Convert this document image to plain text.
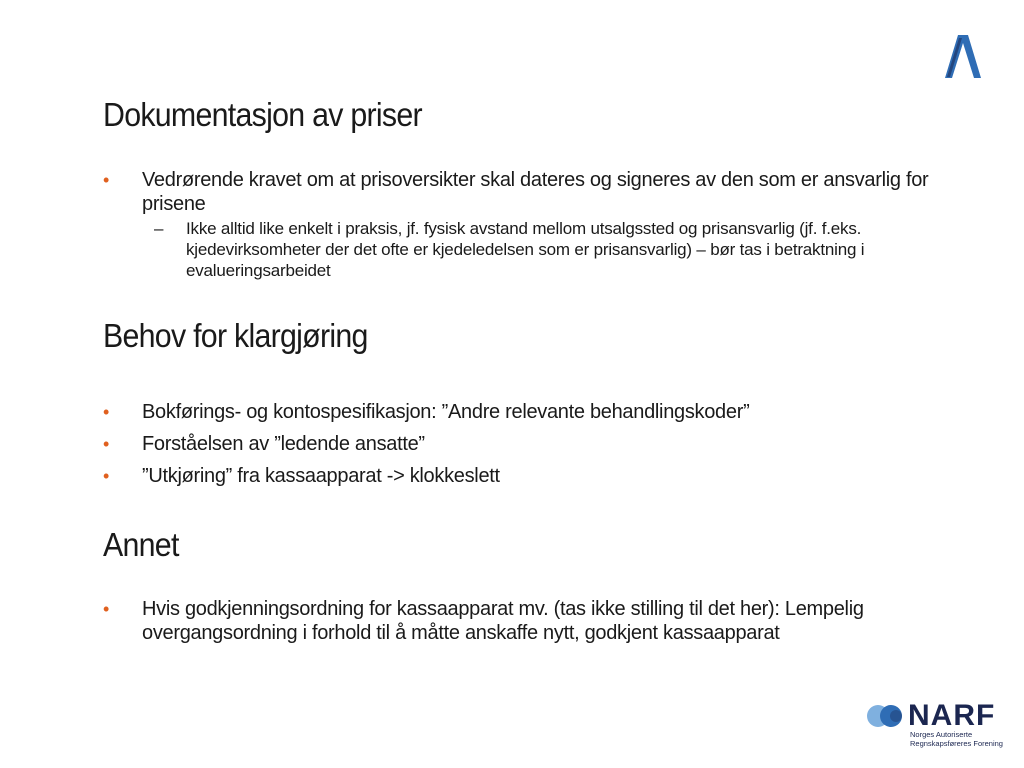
Dokumentasjon av priser
• Vedrørende kravet om at prisoversikter skal dateres og signeres av den som er ansvarlig for prisene
– Ikke alltid like enkelt i praksis, jf. fysisk avstand mellom utsalgssted og prisansvarlig (jf. f.eks. kjedevirksomheter der det ofte er kjedeledelsen som er prisansvarlig) – bør tas i betraktning i evalueringsarbeidet
Behov for klargjøring
• Bokførings- og kontospesifikasjon: ”Andre relevante behandlingskoder”
• Forståelsen av ”ledende ansatte”
• ”Utkjøring” fra kassaapparat -> klokkeslett
Annet
• Hvis godkjenningsordning for kassaapparat mv. (tas ikke stilling til det her): Lempelig overgangsordning i forhold til å måtte anskaffe nytt, godkjent kassaapparat
NARF
Norges Autoriserte
Regnskapsføreres Forening
